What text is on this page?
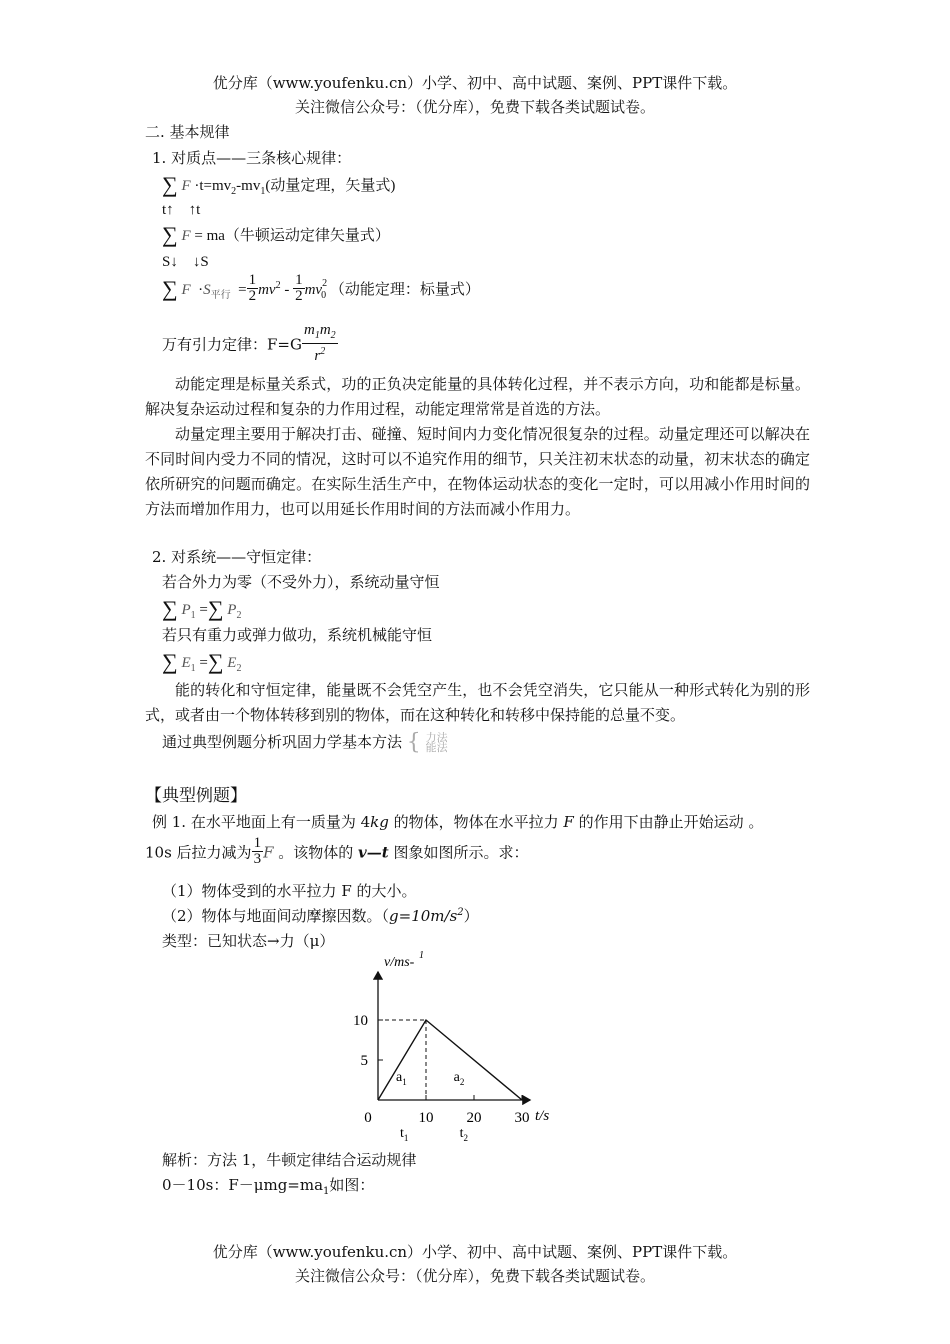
优分库（www.youfenku.cn）小学、初中、高中试题、案例、PPT课件下载。
关注微信公众号：（优分库），免费下载各类试题试卷。
二. 基本规律
1. 对质点——三条核心规律：
∑ $F \cdot t=mv_2-mv_1$(动量定理，矢量式)
t↑    ↑t
∑ F = ma（牛顿运动定律矢量式）
S↓    ↓S
∑ $F \cdot S_{平行} = \frac{1}{2} mv^2 - \frac{1}{2} mv_{20}$ （动能定理：标量式）
万有引力定律：$F=G \frac{m_1m_2}{r^2}$
动能定理是标量关系式，功的正负决定能量的具体转化过程，并不表示方向，功和能都是标量。解决复杂运动过程和复杂的力作用过程，动能定理常常是首选的方法。
动量定理主要用于解决打击、碰撞、短时间内力变化情况很复杂的过程。动量定理还可以解决在不同时间内受力不同的情况，这时可以不追究作用的细节，只关注初末状态的动量，初末状态的确定依所研究的问题而确定。在实际生活生产中，在物体运动状态的变化一定时，可以用减小作用时间的方法而增加作用力，也可以用延长作用时间的方法而减小作用力。
2. 对系统——守恒定律：
若合外力为零（不受外力），系统动量守恒
∑ $P_1$ =∑ $P_2$
若只有重力或弹力做功，系统机械能守恒
∑ $E_1$ =∑ $E_2$
能的转化和守恒定律，能量既不会凭空产生，也不会凭空消失，它只能从一种形式转化为别的形式，或者由一个物体转移到别的物体，而在这种转化和转移中保持能的总量不变。
通过典型例题分析巩固力学基本方法 { 力法
能法
【典型例题】
例 1. 在水平地面上有一质量为 4kg 的物体，物体在水平拉力 F 的作用下由静止开始运动 。
10s 后拉力减为 $\frac{1}{3}$ F 。该物体的 v—t 图象如图所示。求：
（1）物体受到的水平拉力 F 的大小。
（2）物体与地面间动摩擦因数。$(g=10m/s^2)$
类型：已知状态→力（μ）
v/ms- 1
t/s
5
10
0	10 20 30
$a_1$	$a_2$
$t_1$	$t_2$
解析：方法 1，牛顿定律结合运动规律
0－10s：$F-\mu mg=ma_1$如图：
优分库（www.youfenku.cn）小学、初中、高中试题、案例、PPT课件下载。
关注微信公众号：（优分库），免费下载各类试题试卷。
